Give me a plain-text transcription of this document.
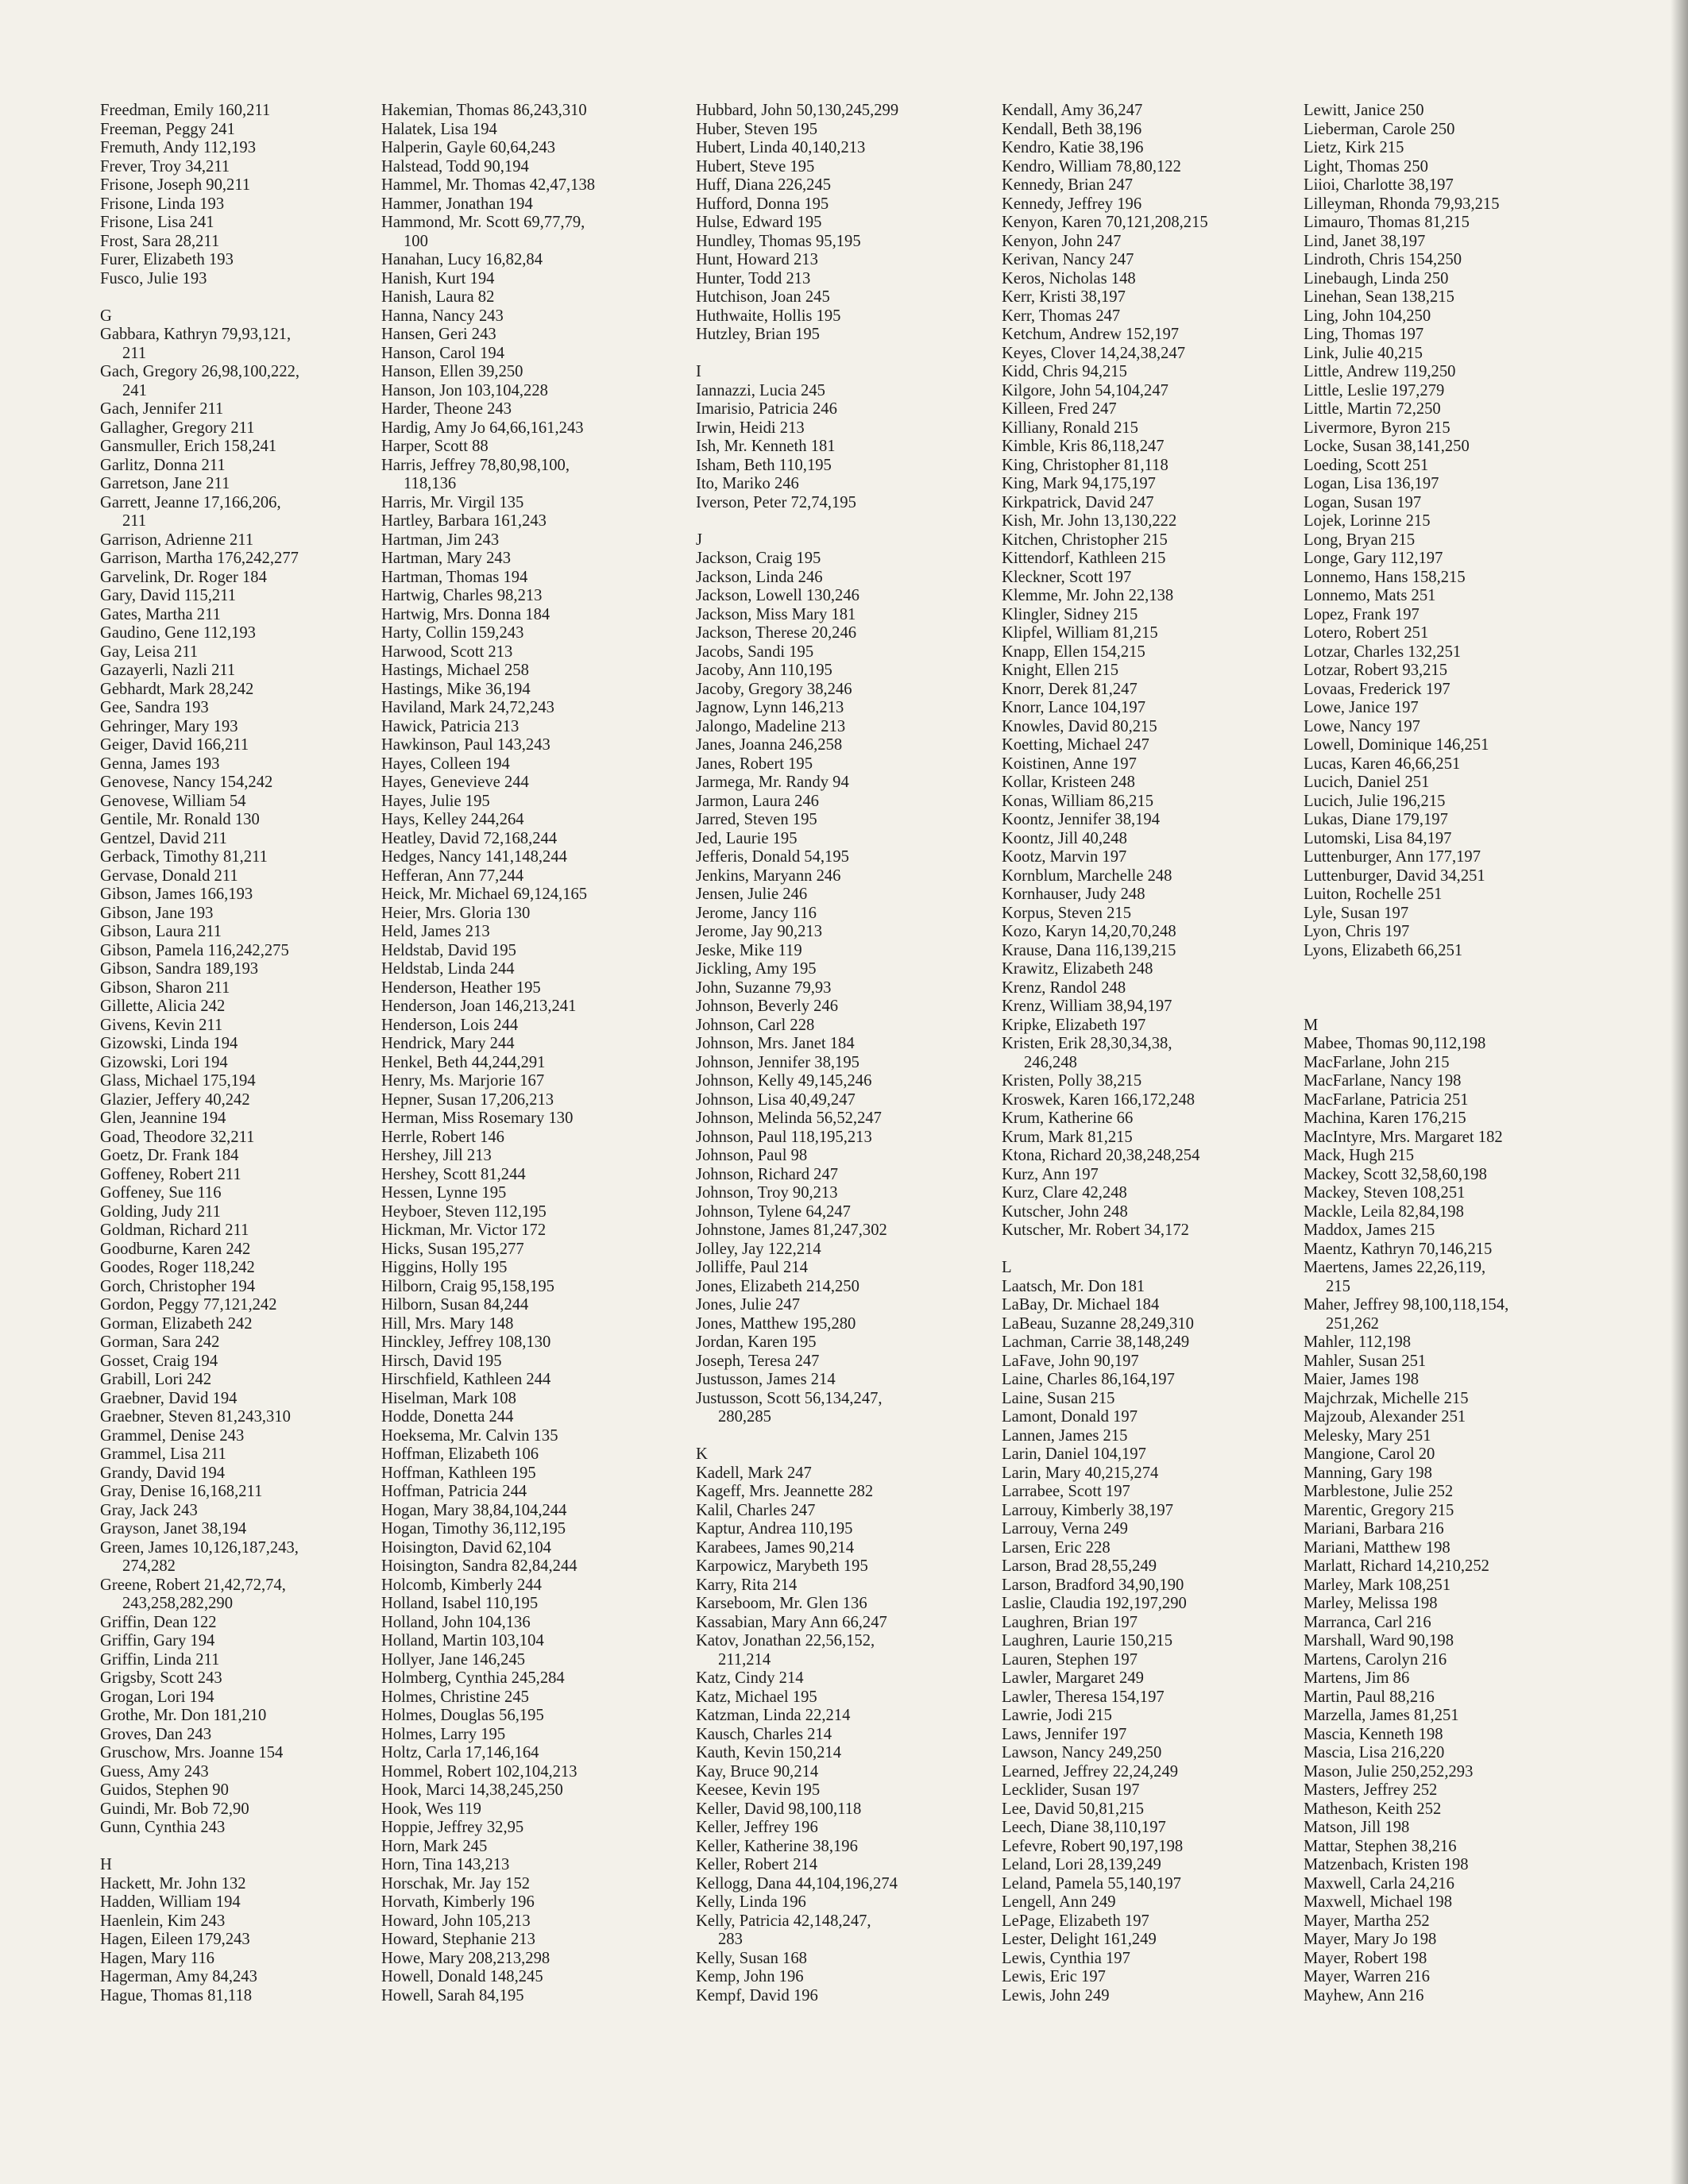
Freedman, Emily 160,211
Freeman, Peggy 241
Fremuth, Andy 112,193
Frever, Troy 34,211
Frisone, Joseph 90,211
Frisone, Linda 193
Frisone, Lisa 241
Frost, Sara 28,211
Furer, Elizabeth 193
Fusco, Julie 193
G
Gabbara, Kathryn 79,93,121,
211
Gach, Gregory 26,98,100,222,
241
Gach, Jennifer 211
Gallagher, Gregory 211
Gansmuller, Erich 158,241
Garlitz, Donna 211
Garretson, Jane 211
Garrett, Jeanne 17,166,206,
211
Garrison, Adrienne 211
Garrison, Martha 176,242,277
Garvelink, Dr. Roger 184
Gary, David 115,211
Gates, Martha 211
Gaudino, Gene 112,193
Gay, Leisa 211
Gazayerli, Nazli 211
Gebhardt, Mark 28,242
Gee, Sandra 193
Gehringer, Mary 193
Geiger, David 166,211
Genna, James 193
Genovese, Nancy 154,242
Genovese, William 54
Gentile, Mr. Ronald 130
Gentzel, David 211
Gerback, Timothy 81,211
Gervase, Donald 211
Gibson, James 166,193
Gibson, Jane 193
Gibson, Laura 211
Gibson, Pamela 116,242,275
Gibson, Sandra 189,193
Gibson, Sharon 211
Gillette, Alicia 242
Givens, Kevin 211
Gizowski, Linda 194
Gizowski, Lori 194
Glass, Michael 175,194
Glazier, Jeffery 40,242
Glen, Jeannine 194
Goad, Theodore 32,211
Goetz, Dr. Frank 184
Goffeney, Robert 211
Goffeney, Sue 116
Golding, Judy 211
Goldman, Richard 211
Goodburne, Karen 242
Goodes, Roger 118,242
Gorch, Christopher 194
Gordon, Peggy 77,121,242
Gorman, Elizabeth 242
Gorman, Sara 242
Gosset, Craig 194
Grabill, Lori 242
Graebner, David 194
Graebner, Steven 81,243,310
Grammel, Denise 243
Grammel, Lisa 211
Grandy, David 194
Gray, Denise 16,168,211
Gray, Jack 243
Grayson, Janet 38,194
Green, James 10,126,187,243,
274,282
Greene, Robert 21,42,72,74,
243,258,282,290
Griffin, Dean 122
Griffin, Gary 194
Griffin, Linda 211
Grigsby, Scott 243
Grogan, Lori 194
Grothe, Mr. Don 181,210
Groves, Dan 243
Gruschow, Mrs. Joanne 154
Guess, Amy 243
Guidos, Stephen 90
Guindi, Mr. Bob 72,90
Gunn, Cynthia 243
H
Hackett, Mr. John 132
Hadden, William 194
Haenlein, Kim 243
Hagen, Eileen 179,243
Hagen, Mary 116
Hagerman, Amy 84,243
Hague, Thomas 81,118
Hakemian, Thomas 86,243,310
Halatek, Lisa 194
Halperin, Gayle 60,64,243
Halstead, Todd 90,194
Hammel, Mr. Thomas 42,47,138
Hammer, Jonathan 194
Hammond, Mr. Scott 69,77,79,
100
Hanahan, Lucy 16,82,84
Hanish, Kurt 194
Hanish, Laura 82
Hanna, Nancy 243
Hansen, Geri 243
Hanson, Carol 194
Hanson, Ellen 39,250
Hanson, Jon 103,104,228
Harder, Theone 243
Hardig, Amy Jo 64,66,161,243
Harper, Scott 88
Harris, Jeffrey 78,80,98,100,
118,136
Harris, Mr. Virgil 135
Hartley, Barbara 161,243
Hartman, Jim 243
Hartman, Mary 243
Hartman, Thomas 194
Hartwig, Charles 98,213
Hartwig, Mrs. Donna 184
Harty, Collin 159,243
Harwood, Scott 213
Hastings, Michael 258
Hastings, Mike 36,194
Haviland, Mark 24,72,243
Hawick, Patricia 213
Hawkinson, Paul 143,243
Hayes, Colleen 194
Hayes, Genevieve 244
Hayes, Julie 195
Hays, Kelley 244,264
Heatley, David 72,168,244
Hedges, Nancy 141,148,244
Hefferan, Ann 77,244
Heick, Mr. Michael 69,124,165
Heier, Mrs. Gloria 130
Held, James 213
Heldstab, David 195
Heldstab, Linda 244
Henderson, Heather 195
Henderson, Joan 146,213,241
Henderson, Lois 244
Hendrick, Mary 244
Henkel, Beth 44,244,291
Henry, Ms. Marjorie 167
Hepner, Susan 17,206,213
Herman, Miss Rosemary 130
Herrle, Robert 146
Hershey, Jill 213
Hershey, Scott 81,244
Hessen, Lynne 195
Heyboer, Steven 112,195
Hickman, Mr. Victor 172
Hicks, Susan 195,277
Higgins, Holly 195
Hilborn, Craig 95,158,195
Hilborn, Susan 84,244
Hill, Mrs. Mary 148
Hinckley, Jeffrey 108,130
Hirsch, David 195
Hirschfield, Kathleen 244
Hiselman, Mark 108
Hodde, Donetta 244
Hoeksema, Mr. Calvin 135
Hoffman, Elizabeth 106
Hoffman, Kathleen 195
Hoffman, Patricia 244
Hogan, Mary 38,84,104,244
Hogan, Timothy 36,112,195
Hoisington, David 62,104
Hoisington, Sandra 82,84,244
Holcomb, Kimberly 244
Holland, Isabel 110,195
Holland, John 104,136
Holland, Martin 103,104
Hollyer, Jane 146,245
Holmberg, Cynthia 245,284
Holmes, Christine 245
Holmes, Douglas 56,195
Holmes, Larry 195
Holtz, Carla 17,146,164
Hommel, Robert 102,104,213
Hook, Marci 14,38,245,250
Hook, Wes 119
Hoppie, Jeffrey 32,95
Horn, Mark 245
Horn, Tina 143,213
Horschak, Mr. Jay 152
Horvath, Kimberly 196
Howard, John 105,213
Howard, Stephanie 213
Howe, Mary 208,213,298
Howell, Donald 148,245
Howell, Sarah 84,195
Hubbard, John 50,130,245,299
Huber, Steven 195
Hubert, Linda 40,140,213
Hubert, Steve 195
Huff, Diana 226,245
Hufford, Donna 195
Hulse, Edward 195
Hundley, Thomas 95,195
Hunt, Howard 213
Hunter, Todd 213
Hutchison, Joan 245
Huthwaite, Hollis 195
Hutzley, Brian 195
I
Iannazzi, Lucia 245
Imarisio, Patricia 246
Irwin, Heidi 213
Ish, Mr. Kenneth 181
Isham, Beth 110,195
Ito, Mariko 246
Iverson, Peter 72,74,195
J
Jackson, Craig 195
Jackson, Linda 246
Jackson, Lowell 130,246
Jackson, Miss Mary 181
Jackson, Therese 20,246
Jacobs, Sandi 195
Jacoby, Ann 110,195
Jacoby, Gregory 38,246
Jagnow, Lynn 146,213
Jalongo, Madeline 213
Janes, Joanna 246,258
Janes, Robert 195
Jarmega, Mr. Randy 94
Jarmon, Laura 246
Jarred, Steven 195
Jed, Laurie 195
Jefferis, Donald 54,195
Jenkins, Maryann 246
Jensen, Julie 246
Jerome, Jancy 116
Jerome, Jay 90,213
Jeske, Mike 119
Jickling, Amy 195
John, Suzanne 79,93
Johnson, Beverly 246
Johnson, Carl 228
Johnson, Mrs. Janet 184
Johnson, Jennifer 38,195
Johnson, Kelly 49,145,246
Johnson, Lisa 40,49,247
Johnson, Melinda 56,52,247
Johnson, Paul 118,195,213
Johnson, Paul 98
Johnson, Richard 247
Johnson, Troy 90,213
Johnson, Tylene 64,247
Johnstone, James 81,247,302
Jolley, Jay 122,214
Jolliffe, Paul 214
Jones, Elizabeth 214,250
Jones, Julie 247
Jones, Matthew 195,280
Jordan, Karen 195
Joseph, Teresa 247
Justusson, James 214
Justusson, Scott 56,134,247,
280,285
K
Kadell, Mark 247
Kageff, Mrs. Jeannette 282
Kalil, Charles 247
Kaptur, Andrea 110,195
Karabees, James 90,214
Karpowicz, Marybeth 195
Karry, Rita 214
Karseboom, Mr. Glen 136
Kassabian, Mary Ann 66,247
Katov, Jonathan 22,56,152,
211,214
Katz, Cindy 214
Katz, Michael 195
Katzman, Linda 22,214
Kausch, Charles 214
Kauth, Kevin 150,214
Kay, Bruce 90,214
Keesee, Kevin 195
Keller, David 98,100,118
Keller, Jeffrey 196
Keller, Katherine 38,196
Keller, Robert 214
Kellogg, Dana 44,104,196,274
Kelly, Linda 196
Kelly, Patricia 42,148,247,
283
Kelly, Susan 168
Kemp, John 196
Kempf, David 196
Kendall, Amy 36,247
Kendall, Beth 38,196
Kendro, Katie 38,196
Kendro, William 78,80,122
Kennedy, Brian 247
Kennedy, Jeffrey 196
Kenyon, Karen 70,121,208,215
Kenyon, John 247
Kerivan, Nancy 247
Keros, Nicholas 148
Kerr, Kristi 38,197
Kerr, Thomas 247
Ketchum, Andrew 152,197
Keyes, Clover 14,24,38,247
Kidd, Chris 94,215
Kilgore, John 54,104,247
Killeen, Fred 247
Killiany, Ronald 215
Kimble, Kris 86,118,247
King, Christopher 81,118
King, Mark 94,175,197
Kirkpatrick, David 247
Kish, Mr. John 13,130,222
Kitchen, Christopher 215
Kittendorf, Kathleen 215
Kleckner, Scott 197
Klemme, Mr. John 22,138
Klingler, Sidney 215
Klipfel, William 81,215
Knapp, Ellen 154,215
Knight, Ellen 215
Knorr, Derek 81,247
Knorr, Lance 104,197
Knowles, David 80,215
Koetting, Michael 247
Koistinen, Anne 197
Kollar, Kristeen 248
Konas, William 86,215
Koontz, Jennifer 38,194
Koontz, Jill 40,248
Kootz, Marvin 197
Kornblum, Marchelle 248
Kornhauser, Judy 248
Korpus, Steven 215
Kozo, Karyn 14,20,70,248
Krause, Dana 116,139,215
Krawitz, Elizabeth 248
Krenz, Randol 248
Krenz, William 38,94,197
Kripke, Elizabeth 197
Kristen, Erik 28,30,34,38,
246,248
Kristen, Polly 38,215
Kroswek, Karen 166,172,248
Krum, Katherine 66
Krum, Mark 81,215
Ktona, Richard 20,38,248,254
Kurz, Ann 197
Kurz, Clare 42,248
Kutscher, John 248
Kutscher, Mr. Robert 34,172
L
Laatsch, Mr. Don 181
LaBay, Dr. Michael 184
LaBeau, Suzanne 28,249,310
Lachman, Carrie 38,148,249
LaFave, John 90,197
Laine, Charles 86,164,197
Laine, Susan 215
Lamont, Donald 197
Lannen, James 215
Larin, Daniel 104,197
Larin, Mary 40,215,274
Larrabee, Scott 197
Larrouy, Kimberly 38,197
Larrouy, Verna 249
Larsen, Eric 228
Larson, Brad 28,55,249
Larson, Bradford 34,90,190
Laslie, Claudia 192,197,290
Laughren, Brian 197
Laughren, Laurie 150,215
Lauren, Stephen 197
Lawler, Margaret 249
Lawler, Theresa 154,197
Lawrie, Jodi 215
Laws, Jennifer 197
Lawson, Nancy 249,250
Learned, Jeffrey 22,24,249
Lecklider, Susan 197
Lee, David 50,81,215
Leech, Diane 38,110,197
Lefevre, Robert 90,197,198
Leland, Lori 28,139,249
Leland, Pamela 55,140,197
Lengell, Ann 249
LePage, Elizabeth 197
Lester, Delight 161,249
Lewis, Cynthia 197
Lewis, Eric 197
Lewis, John 249
Lewitt, Janice 250
Lieberman, Carole 250
Lietz, Kirk 215
Light, Thomas 250
Liioi, Charlotte 38,197
Lilleyman, Rhonda 79,93,215
Limauro, Thomas 81,215
Lind, Janet 38,197
Lindroth, Chris 154,250
Linebaugh, Linda 250
Linehan, Sean 138,215
Ling, John 104,250
Ling, Thomas 197
Link, Julie 40,215
Little, Andrew 119,250
Little, Leslie 197,279
Little, Martin 72,250
Livermore, Byron 215
Locke, Susan 38,141,250
Loeding, Scott 251
Logan, Lisa 136,197
Logan, Susan 197
Lojek, Lorinne 215
Long, Bryan 215
Longe, Gary 112,197
Lonnemo, Hans 158,215
Lonnemo, Mats 251
Lopez, Frank 197
Lotero, Robert 251
Lotzar, Charles 132,251
Lotzar, Robert 93,215
Lovaas, Frederick 197
Lowe, Janice 197
Lowe, Nancy 197
Lowell, Dominique 146,251
Lucas, Karen 46,66,251
Lucich, Daniel 251
Lucich, Julie 196,215
Lukas, Diane 179,197
Lutomski, Lisa 84,197
Luttenburger, Ann 177,197
Luttenburger, David 34,251
Luiton, Rochelle 251
Lyle, Susan 197
Lyon, Chris 197
Lyons, Elizabeth 66,251
M
Mabee, Thomas 90,112,198
MacFarlane, John 215
MacFarlane, Nancy 198
MacFarlane, Patricia 251
Machina, Karen 176,215
MacIntyre, Mrs. Margaret 182
Mack, Hugh 215
Mackey, Scott 32,58,60,198
Mackey, Steven 108,251
Mackle, Leila 82,84,198
Maddox, James 215
Maentz, Kathryn 70,146,215
Maertens, James 22,26,119,
215
Maher, Jeffrey 98,100,118,154,
251,262
Mahler, 112,198
Mahler, Susan 251
Maier, James 198
Majchrzak, Michelle 215
Majzoub, Alexander 251
Melesky, Mary 251
Mangione, Carol 20
Manning, Gary 198
Marblestone, Julie 252
Marentic, Gregory 215
Mariani, Barbara 216
Mariani, Matthew 198
Marlatt, Richard 14,210,252
Marley, Mark 108,251
Marley, Melissa 198
Marranca, Carl 216
Marshall, Ward 90,198
Martens, Carolyn 216
Martens, Jim 86
Martin, Paul 88,216
Marzella, James 81,251
Mascia, Kenneth 198
Mascia, Lisa 216,220
Mason, Julie 250,252,293
Masters, Jeffrey 252
Matheson, Keith 252
Matson, Jill 198
Mattar, Stephen 38,216
Matzenbach, Kristen 198
Maxwell, Carla 24,216
Maxwell, Michael 198
Mayer, Martha 252
Mayer, Mary Jo 198
Mayer, Robert 198
Mayer, Warren 216
Mayhew, Ann 216
